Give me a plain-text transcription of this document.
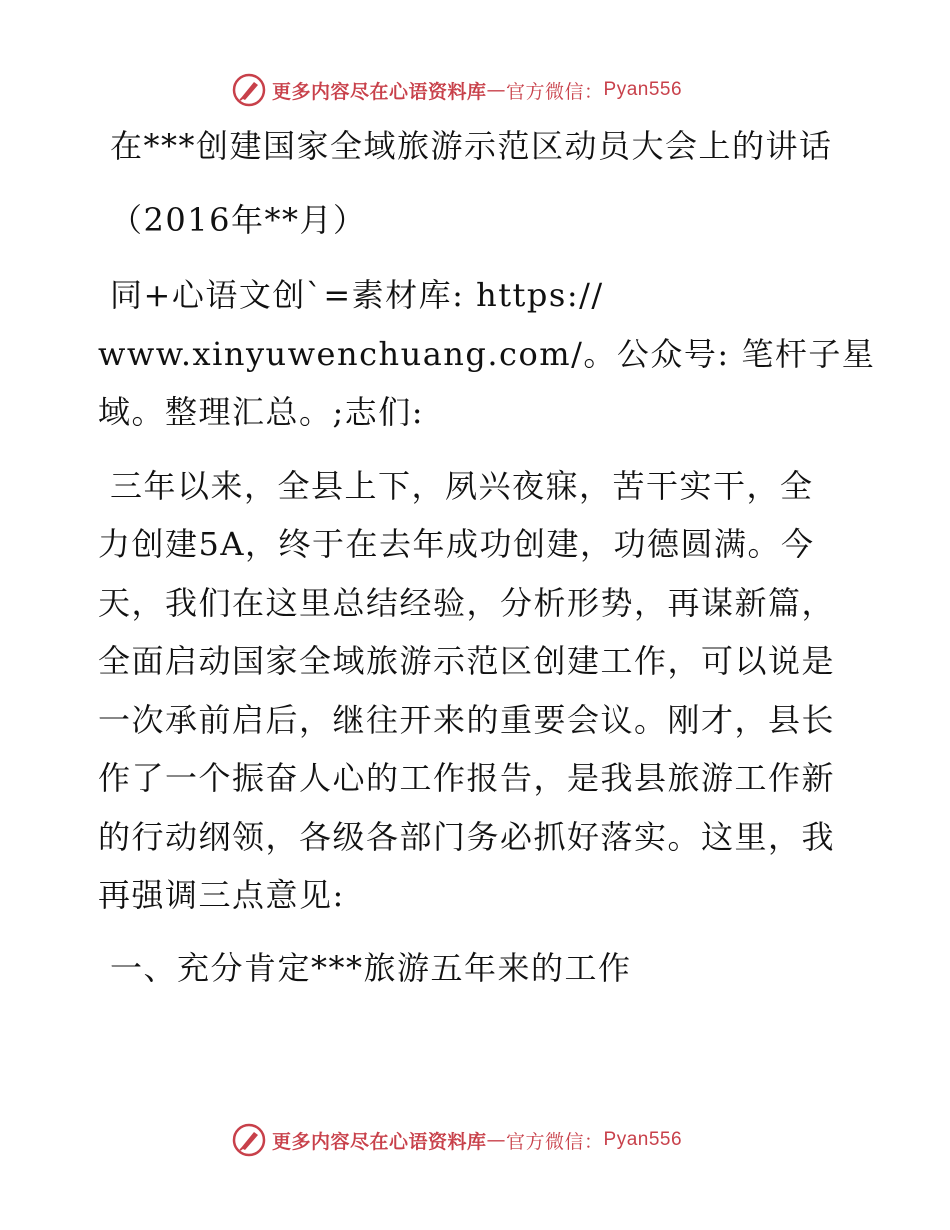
更多内容尽在心语资料库 — 官方微信： Pyan556
在***创建国家全域旅游示范区动员大会上的讲话
（2016年**月）
同+心语文创`=素材库: https://
www.xinyuwenchuang.com/。公众号: 笔杆子星
域。整理汇总。;志们:
三年以来，全县上下，夙兴夜寐，苦干实干，全
力创建5A，终于在去年成功创建，功德圆满。今
天，我们在这里总结经验，分析形势，再谋新篇，
全面启动国家全域旅游示范区创建工作，可以说是
一次承前启后，继往开来的重要会议。刚才，县长
作了一个振奋人心的工作报告，是我县旅游工作新
的行动纲领，各级各部门务必抓好落实。这里，我
再强调三点意见:
一、充分肯定***旅游五年来的工作
更多内容尽在心语资料库 — 官方微信： Pyan556
